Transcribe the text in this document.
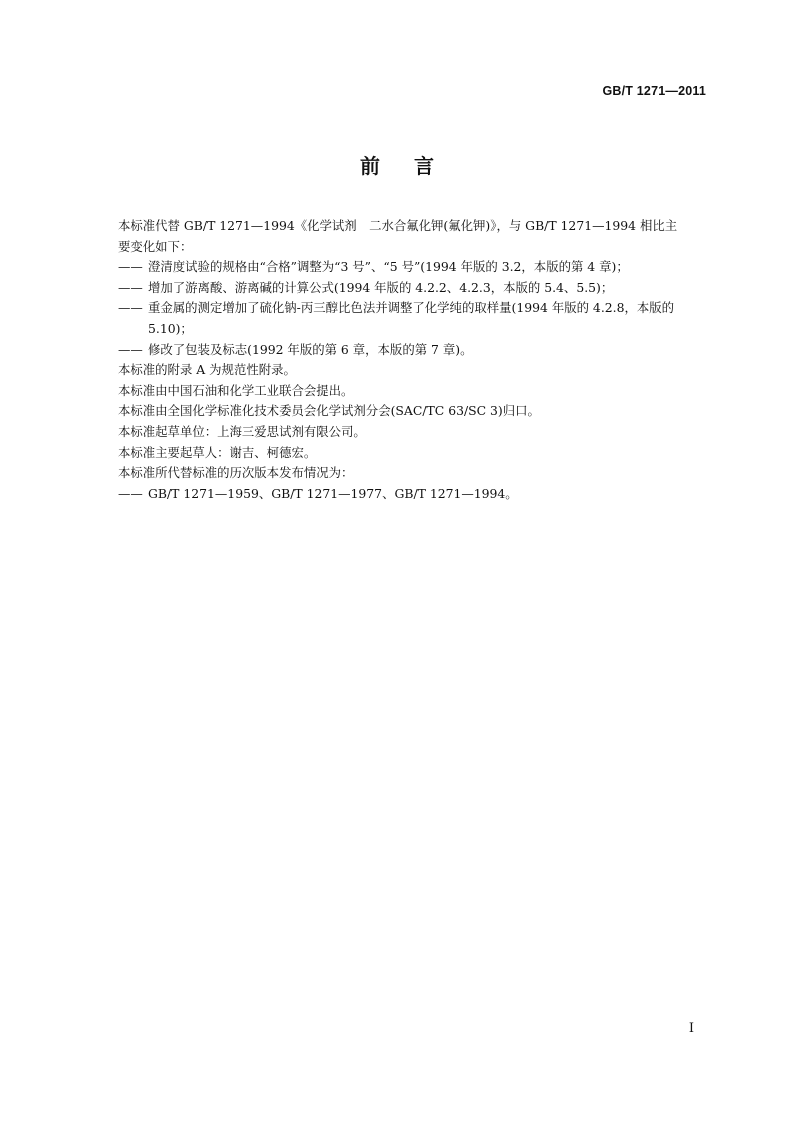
GB/T 1271—2011
前言

本标准代替 GB/T 1271—1994《化学试剂　二水合氟化钾(氟化钾)》，与 GB/T 1271—1994 相比主
要变化如下：

—— 澄清度试验的规格由“合格”调整为“3 号”、“5 号”(1994 年版的 3.2，本版的第 4 章)；

—— 增加了游离酸、游离碱的计算公式(1994 年版的 4.2.2、4.2.3，本版的 5.4、5.5)；

—— 重金属的测定增加了硫化钠-丙三醇比色法并调整了化学纯的取样量(1994 年版的 4.2.8，本版的 5.10)；

—— 修改了包装及标志(1992 年版的第 6 章，本版的第 7 章)。

本标准的附录 A 为规范性附录。

本标准由中国石油和化学工业联合会提出。

本标准由全国化学标准化技术委员会化学试剂分会(SAC/TC 63/SC 3)归口。

本标准起草单位：上海三爱思试剂有限公司。

本标准主要起草人：谢吉、柯德宏。

本标准所代替标准的历次版本发布情况为：

—— GB/T 1271—1959、GB/T 1271—1977、GB/T 1271—1994。

I
